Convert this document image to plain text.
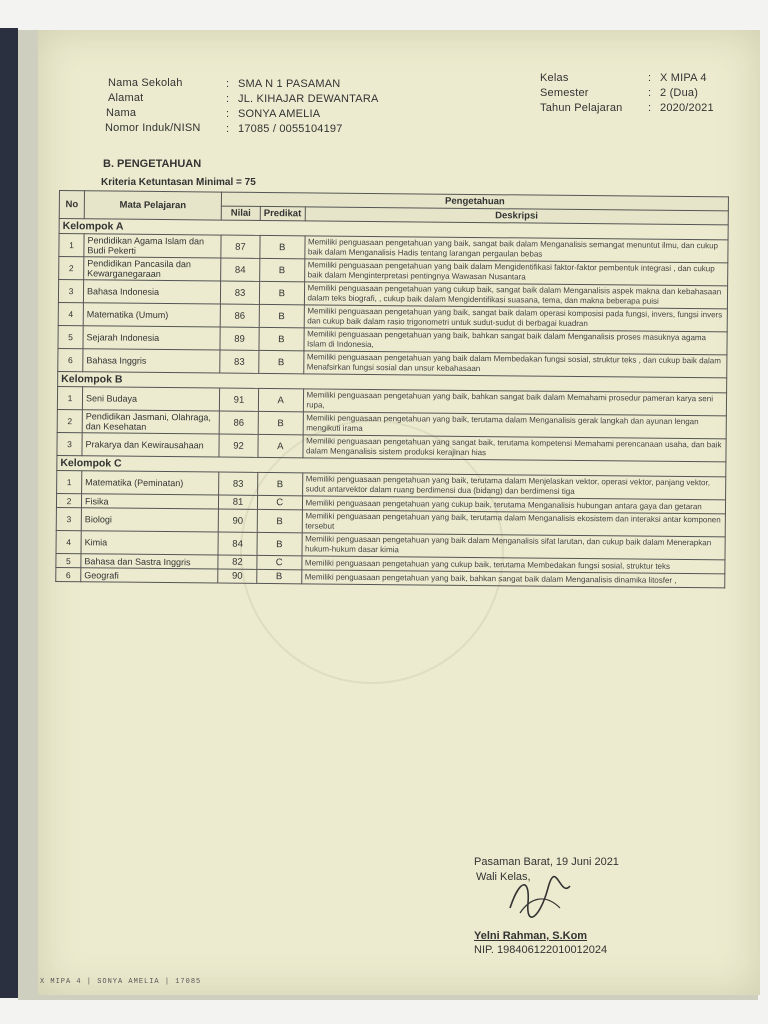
Nama Sekolah	: SMA N 1 PASAMAN
Alamat	: JL. KIHAJAR DEWANTARA
Nama	: SONYA AMELIA
Nomor Induk/NISN : 17085 / 0055104197
Kelas	: X MIPA 4
Semester	: 2 (Dua)
Tahun Pelajaran : 2020/2021
B. PENGETAHUAN
Kriteria Ketuntasan Minimal = 75
No	Mata Pelajaran	Pengetahuan		
		Nilai	Predikat	Deskripsi
Kelompok A				
1	Pendidikan Agama Islam dan Budi Pekerti	87	B	Memiliki penguasaan pengetahuan yang baik, sangat baik dalam Menganalisis semangat menuntut ilmu, dan cukup baik dalam Menganalisis Hadis tentang larangan pergaulan bebas
2	Pendidikan Pancasila dan Kewarganegaraan	84	B	Memiliki penguasaan pengetahuan yang baik dalam Mengidentifikasi faktor-faktor pembentuk integrasi , dan cukup baik dalam Menginterpretasi pentingnya Wawasan Nusantara
3	Bahasa Indonesia	83	B	Memiliki penguasaan pengetahuan yang cukup baik, sangat baik dalam Menganalisis aspek makna dan kebahasaan dalam teks biografi, , cukup baik dalam Mengidentifikasi suasana, tema, dan makna beberapa puisi
4	Matematika (Umum)	86	B	Memiliki penguasaan pengetahuan yang baik, sangat baik dalam operasi komposisi pada fungsi, invers, fungsi invers dan cukup baik dalam rasio trigonometri untuk sudut-sudut di berbagai kuadran
5	Sejarah Indonesia	89	B	Memiliki penguasaan pengetahuan yang baik, bahkan sangat baik dalam Menganalisis proses masuknya agama Islam di Indonesia,
6	Bahasa Inggris	83	B	Memiliki penguasaan pengetahuan yang baik dalam Membedakan fungsi sosial, struktur teks , dan cukup baik dalam Menafsirkan fungsi sosial dan unsur kebahasaan
Kelompok B				
1	Seni Budaya	91	A	Memiliki penguasaan pengetahuan yang baik, bahkan sangat baik dalam Memahami prosedur pameran karya seni rupa,
2	Pendidikan Jasmani, Olahraga, dan Kesehatan	86	B	Memiliki penguasaan pengetahuan yang baik, terutama dalam Menganalisis gerak langkah dan ayunan lengan mengikuti irama
3	Prakarya dan Kewirausahaan	92	A	Memiliki penguasaan pengetahuan yang sangat baik, terutama kompetensi Memahami perencanaan usaha, dan baik dalam Menganalisis sistem produksi kerajinan hias
Kelompok C				
1	Matematika (Peminatan)	83	B	Memiliki penguasaan pengetahuan yang baik, terutama dalam Menjelaskan vektor, operasi vektor, panjang vektor, sudut antarvektor dalam ruang berdimensi dua (bidang) dan berdimensi tiga
2	Fisika	81	C	Memiliki penguasaan pengetahuan yang cukup baik, terutama Menganalisis hubungan antara gaya dan getaran
3	Biologi	90	B	Memiliki penguasaan pengetahuan yang baik, terutama dalam Menganalisis ekosistem dan interaksi antar komponen tersebut
4	Kimia	84	B	Memiliki penguasaan pengetahuan yang baik dalam Menganalisis sifat larutan, dan cukup baik dalam Menerapkan hukum-hukum dasar kimia
5	Bahasa dan Sastra Inggris	82	C	Memiliki penguasaan pengetahuan yang cukup baik, terutama Membedakan fungsi sosial, struktur teks
6	Geografi	90	B	Memiliki penguasaan pengetahuan yang baik, bahkan sangat baik dalam Menganalisis dinamika litosfer ,
Pasaman Barat, 19 Juni 2021
Wali Kelas,
Yelni Rahman, S.Kom
NIP. 198406122010012024
X MIPA 4 | SONYA AMELIA | 17085
